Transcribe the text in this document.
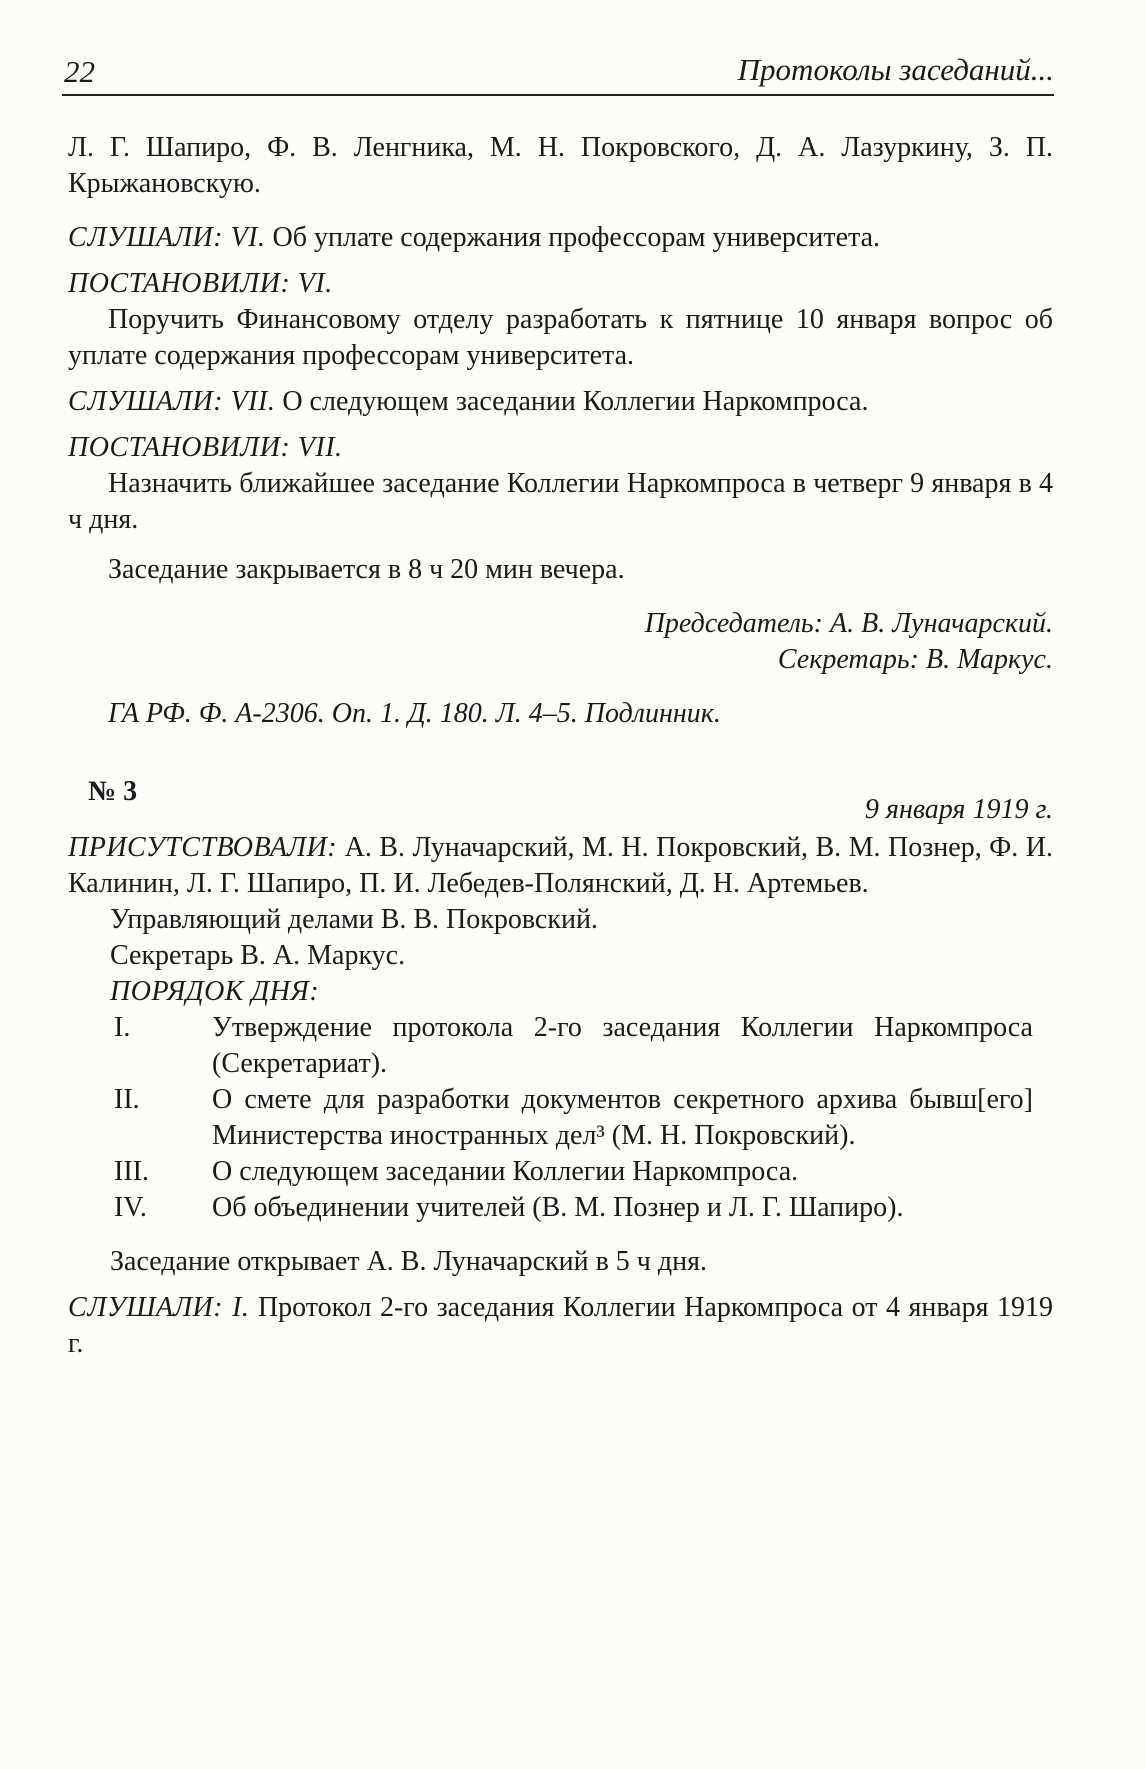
22	Протоколы заседаний...

Л. Г. Шапиро, Ф. В. Ленгника, М. Н. Покровского, Д. А. Лазуркину, З. П. Крыжановскую.

СЛУШАЛИ: VI. Об уплате содержания профессорам университета.

ПОСТАНОВИЛИ: VI.

Поручить Финансовому отделу разработать к пятнице 10 января вопрос об уплате содержания профессорам университета.

СЛУШАЛИ: VII. О следующем заседании Коллегии Наркомпроса.

ПОСТАНОВИЛИ: VII.

Назначить ближайшее заседание Коллегии Наркомпроса в четверг 9 января в 4 ч дня.

Заседание закрывается в 8 ч 20 мин вечера.

Председатель: А. В. Луначарский.

Секретарь: В. Маркус.

ГА РФ. Ф. А-2306. Оп. 1. Д. 180. Л. 4–5. Подлинник.

№ 3
9 января 1919 г.

ПРИСУТСТВОВАЛИ: А. В. Луначарский, М. Н. Покровский, В. М. Познер, Ф. И. Калинин, Л. Г. Шапиро, П. И. Лебедев-Полянский, Д. Н. Артемьев.

Управляющий делами В. В. Покровский.

Секретарь В. А. Маркус.

ПОРЯДОК ДНЯ:

I.	Утверждение протокола 2-го заседания Коллегии Наркомпроса (Секретариат).
II.	О смете для разработки документов секретного архива бывш[его] Министерства иностранных дел³ (М. Н. Покровский).
III.	О следующем заседании Коллегии Наркомпроса.
IV.	Об объединении учителей (В. М. Познер и Л. Г. Шапиро).

Заседание открывает А. В. Луначарский в 5 ч дня.

СЛУШАЛИ: I. Протокол 2-го заседания Коллегии Наркомпроса от 4 января 1919 г.
